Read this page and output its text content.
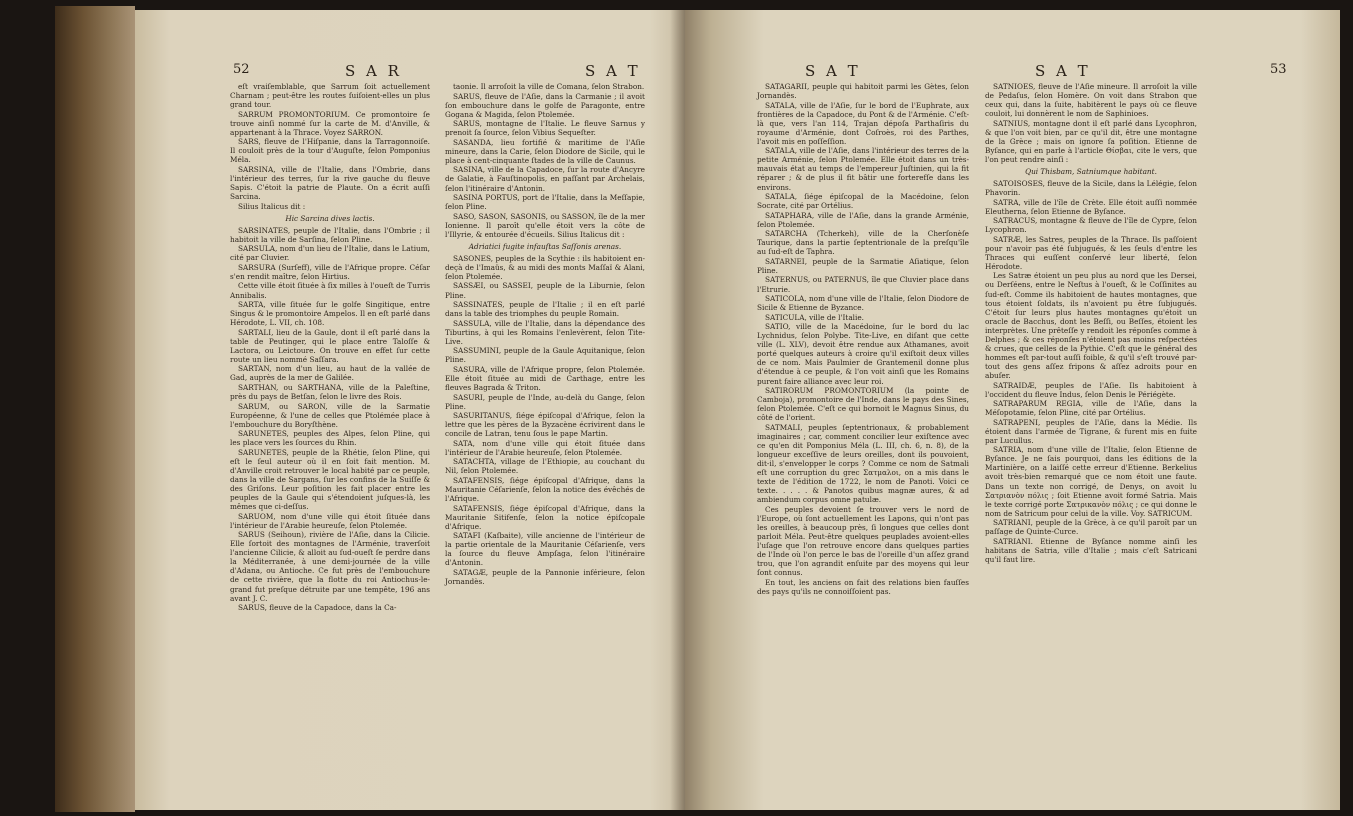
52	S A R	S A T

eſt vraiſemblable, que Sarrum ſoit actuellement Charnam ; peut-être les routes ſuiſoient-elles un plus grand tour.

SARRUM PROMONTORIUM. Ce promontoire ſe trouve ainſi nommé ſur la carte de M. d'Anville, & appartenant à la Thrace. Voyez SARRON.

SARS, fleuve de l'Hiſpanie, dans la Tarragonnoiſe. Il couloit près de la tour d'Auguſte, ſelon Pomponius Méla.

SARSINA, ville de l'Italie, dans l'Ombrie, dans l'intérieur des terres, ſur la rive gauche du fleuve Sapis. C'étoit la patrie de Plaute. On a écrit auſſi Sarcina.

Silius Italicus dit :

Hic Sarcina dives lactis.

SARSINATES, peuple de l'Italie, dans l'Ombrie ; il habitoit la ville de Sarſina, ſelon Pline.

SARSULA, nom d'un lieu de l'Italie, dans le Latium, cité par Cluvier.

SARSURA (Surſeff), ville de l'Afrique propre. Céſar s'en rendit maître, ſelon Hirtius.

Cette ville étoit ſituée à ſix milles à l'oueſt de Turris Annibalis.

SARTA, ville ſituée ſur le golfe Singitique, entre Singus & le promontoire Ampelos. Il en eſt parlé dans Hérodote, L. VII, ch. 108.

SARTALI, lieu de la Gaule, dont il eſt parlé dans la table de Peutinger, qui le place entre Taloſſe & Lactora, ou Leictoure. On trouve en effet ſur cette route un lieu nommé Saſſara.

SARTAN, nom d'un lieu, au haut de la vallée de Gad, auprès de la mer de Galilée.

SARTHAN, ou SARTHANA, ville de la Paleſtine, près du pays de Betſan, ſelon le livre des Rois.

SARUM, ou SARON, ville de la Sarmatie Européenne, & l'une de celles que Ptolémée place à l'embouchure du Boryſthène.

SARUNETES, peuples des Alpes, ſelon Pline, qui les place vers les ſources du Rhin.

SARUNETES, peuple de la Rhétie, ſelon Pline, qui eſt le ſeul auteur où il en ſoit fait mention. M. d'Anville croit retrouver le local habité par ce peuple, dans la ville de Sargans, ſur les confins de la Suiſſe & des Griſons. Leur poſition les fait placer entre les peuples de la Gaule qui s'étendoient juſques-là, les mêmes que ci-deſſus.

SARUOM, nom d'une ville qui étoit ſituée dans l'intérieur de l'Arabie heureuſe, ſelon Ptolemée.

SARUS (Seihoun), rivière de l'Aſie, dans la Cilicie. Elle ſortoit des montagnes de l'Arménie, traverſoit l'ancienne Cilicie, & alloit au ſud-oueſt ſe perdre dans la Méditerranée, à une demi-journée de la ville d'Adana, ou Antioche. Ce fut près de l'embouchure de cette rivière, que la flotte du roi Antiochus-le-grand fut preſque détruite par une tempête, 196 ans avant J. C.

SARUS, fleuve de la Capadoce, dans la Ca-

taonie. Il arroſoit la ville de Comana, ſelon Strabon.

SARUS, fleuve de l'Aſie, dans la Carmanie ; il avoit ſon embouchure dans le golfe de Paragonte, entre Gogana & Magida, ſelon Ptolemée.

SARUS, montagne de l'Italie. Le fleuve Sarnus y prenoit ſa ſource, ſelon Vibius Sequeſter.

SASANDA, lieu fortifié & maritime de l'Aſie mineure, dans la Carie, ſelon Diodore de Sicile, qui le place à cent-cinquante ſtades de la ville de Caunus.

SASINA, ville de la Capadoce, ſur la route d'Ancyre de Galatie, à Fauſtinopolis, en paſſant par Archelais, ſelon l'itinéraire d'Antonin.

SASINA PORTUS, port de l'Italie, dans la Meſſapie, ſelon Pline.

SASO, SASON, SASONIS, ou SASSON, île de la mer Ionienne. Il paroît qu'elle étoit vers la côte de l'Illyrie, & entourée d'écueils. Silius Italicus dit :

Adriatici fugite infauſtas Saſſonis arenas.

SASONES, peuples de la Scythie : ils habitoient en-deçà de l'Imaüs, & au midi des monts Maſſaï & Alani, ſelon Ptolemée.

SASSÆI, ou SASSEI, peuple de la Liburnie, ſelon Pline.

SASSINATES, peuple de l'Italie ; il en eſt parlé dans la table des triomphes du peuple Romain.

SASSULA, ville de l'Italie, dans la dépendance des Tiburtins, à qui les Romains l'enlevèrent, ſelon Tite-Live.

SASSUMINI, peuple de la Gaule Aquitanique, ſelon Pline.

SASURA, ville de l'Afrique propre, ſelon Ptolemée. Elle étoit ſituée au midi de Carthage, entre les fleuves Bagrada & Triton.

SASURI, peuple de l'Inde, au-delà du Gange, ſelon Pline.

SASURITANUS, ſiége épiſcopal d'Afrique, ſelon la lettre que les pères de la Byzacène écrivirent dans le concile de Latran, tenu ſous le pape Martin.

SATA, nom d'une ville qui étoit ſituée dans l'intérieur de l'Arabie heureuſe, ſelon Ptolemée.

SATACHTA, village de l'Ethiopie, au couchant du Nil, ſelon Ptolemée.

SATAFENSIS, ſiége épiſcopal d'Afrique, dans la Mauritanie Céſarienſe, ſelon la notice des évêchés de l'Afrique.

SATAFENSIS, ſiége épiſcopal d'Afrique, dans la Mauritanie Sitifenſe, ſelon la notice épiſcopale d'Afrique.

SATAFI (Kaſbaite), ville ancienne de l'intérieur de la partie orientale de la Mauritanie Céſarienſe, vers la ſource du fleuve Ampſaga, ſelon l'itinéraire d'Antonin.

SATAGÆ, peuple de la Pannonie inférieure, ſelon Jornandès.

S A T	S A T	53

SATAGARII, peuple qui habitoit parmi les Gètes, ſelon Jornandès.

SATALA, ville de l'Aſie, ſur le bord de l'Euphrate, aux frontières de la Capadoce, du Pont & de l'Arménie. C'eſt-là que, vers l'an 114, Trajan dépoſa Parthaſiris du royaume d'Arménie, dont Coſroès, roi des Parthes, l'avoit mis en poſſeſſion.

SATALA, ville de l'Aſie, dans l'intérieur des terres de la petite Arménie, ſelon Ptolemée. Elle étoit dans un très-mauvais état au temps de l'empereur Juſtinien, qui la fit réparer ; & de plus il fit bâtir une forterefſe dans les environs.

SATALA, ſiége épiſcopal de la Macédoine, ſelon Socrate, cité par Ortélius.

SATAPHARA, ville de l'Aſie, dans la grande Arménie, ſelon Ptolemée.

SATARCHA (Tcherkeh), ville de la Cherſonèſe Taurique, dans la partie ſeptentrionale de la preſqu'île au ſud-eſt de Taphra.

SATARNEI, peuple de la Sarmatie Aſiatique, ſelon Pline.

SATERNUS, ou PATERNUS, île que Cluvier place dans l'Etrurie.

SATICOLA, nom d'une ville de l'Italie, ſelon Diodore de Sicile & Etienne de Byzance.

SATICULA, ville de l'Italie.

SATIO, ville de la Macédoine, ſur le bord du lac Lychnidus, ſelon Polybe. Tite-Live, en diſant que cette ville (L. XLV), devoit être rendue aux Athamanes, avoit porté quelques auteurs à croire qu'il exiſtoit deux villes de ce nom. Mais Paulmier de Grantemenil donne plus d'étendue à ce peuple, & l'on voit ainſi que les Romains purent faire alliance avec leur roi.

SATIRORUM PROMONTORIUM (la pointe de Camboja), promontoire de l'Inde, dans le pays des Sines, ſelon Ptolemée. C'eſt ce qui bornoit le Magnus Sinus, du côté de l'orient.

SATMALI, peuples ſeptentrionaux, & probablement imaginaires ; car, comment concilier leur exiſtence avec ce qu'en dit Pomponius Méla (L. III, ch. 6, n. 8), de la longueur exceſſive de leurs oreilles, dont ils pouvoient, dit-il, s'envelopper le corps ? Comme ce nom de Satmali eſt une corruption du grec Σατμαλοι, on a mis dans le texte de l'édition de 1722, le nom de Panoti. Voici ce texte. . . . . & Panotos quibus magnæ aures, & ad ambiendum corpus omne patulæ.

Ces peuples devoient ſe trouver vers le nord de l'Europe, où ſont actuellement les Lapons, qui n'ont pas les oreilles, à beaucoup près, ſi longues que celles dont parloit Méla. Peut-être quelques peuplades avoient-elles l'uſage que l'on retrouve encore dans quelques parties de l'Inde où l'on perce le bas de l'oreille d'un aſſez grand trou, que l'on agrandit enſuite par des moyens qui leur ſont connus.

En tout, les anciens on fait des relations bien fauſſes des pays qu'ils ne connoiſſoient pas.

SATNIOES, fleuve de l'Aſie mineure. Il arroſoit la ville de Pedaſus, ſelon Homère. On voit dans Strabon que ceux qui, dans la ſuite, habitèrent le pays où ce fleuve couloit, lui donnèrent le nom de Saphinioes.

SATNIUS, montagne dont il eſt parlé dans Lycophron, & que l'on voit bien, par ce qu'il dit, être une montagne de la Grèce ; mais on ignore ſa poſition. Etienne de Byſance, qui en parle à l'article Θίσβαι, cite le vers, que l'on peut rendre ainſi :

Qui Thisbam, Satniumque habitant.

SATOISOSES, fleuve de la Sicile, dans la Lélégie, ſelon Phavorin.

SATRA, ville de l'île de Crète. Elle étoit auſſi nommée Eleutherna, ſelon Etienne de Byſance.

SATRACUS, montagne & fleuve de l'île de Cypre, ſelon Lycophron.

SATRÆ, les Satres, peuples de la Thrace. Ils paſſoient pour n'avoir pas été ſubjugués, & les ſeuls d'entre les Thraces qui euſſent conſervé leur liberté, ſelon Hérodote.

Les Satræ étoient un peu plus au nord que les Dersei, ou Derſéens, entre le Neſtus à l'oueſt, & le Coſſinites au ſud-eſt. Comme ils habitoient de hautes montagnes, que tous étoient ſoldats, ils n'avoient pu être ſubjugués. C'étoit ſur leurs plus hautes montagnes qu'étoit un oracle de Bacchus, dont les Beſſi, ou Beſſes, étoient les interprètes. Une prêteſſe y rendoit les réponſes comme à Delphes ; & ces réponſes n'étoient pas moins reſpectées & crues, que celles de la Pythie. C'eſt que le général des hommes eſt par-tout auſſi foible, & qu'il s'eſt trouvé par-tout des gens aſſez fripons & aſſez adroits pour en abuſer.

SATRAIDÆ, peuples de l'Aſie. Ils habitoient à l'occident du fleuve Indus, ſelon Denis le Périégète.

SATRAPARUM REGIA, ville de l'Aſie, dans la Méſopotamie, ſelon Pline, cité par Ortélius.

SATRAPENI, peuples de l'Aſie, dans la Médie. Ils étoient dans l'armée de Tigrane, & furent mis en fuite par Lucullus.

SATRIA, nom d'une ville de l'Italie, ſelon Etienne de Byſance. Je ne ſais pourquoi, dans les éditions de la Martinière, on a laiſſé cette erreur d'Etienne. Berkelius avoit très-bien remarqué que ce nom étoit une faute. Dans un texte non corrigé, de Denys, on avoit lu Σατριανὸν πόλις ; ſoit Etienne avoit formé Satria. Mais le texte corrigé porte Σατρικανὸν πόλις ; ce qui donne le nom de Satricum pour celui de la ville. Voy. SATRICUM.

SATRIANI, peuple de la Grèce, à ce qu'il paroît par un paſſage de Quinte-Curce.

SATRIANI. Etienne de Byſance nomme ainſi les habitans de Satria, ville d'Italie ; mais c'eſt Satricani qu'il faut lire.
